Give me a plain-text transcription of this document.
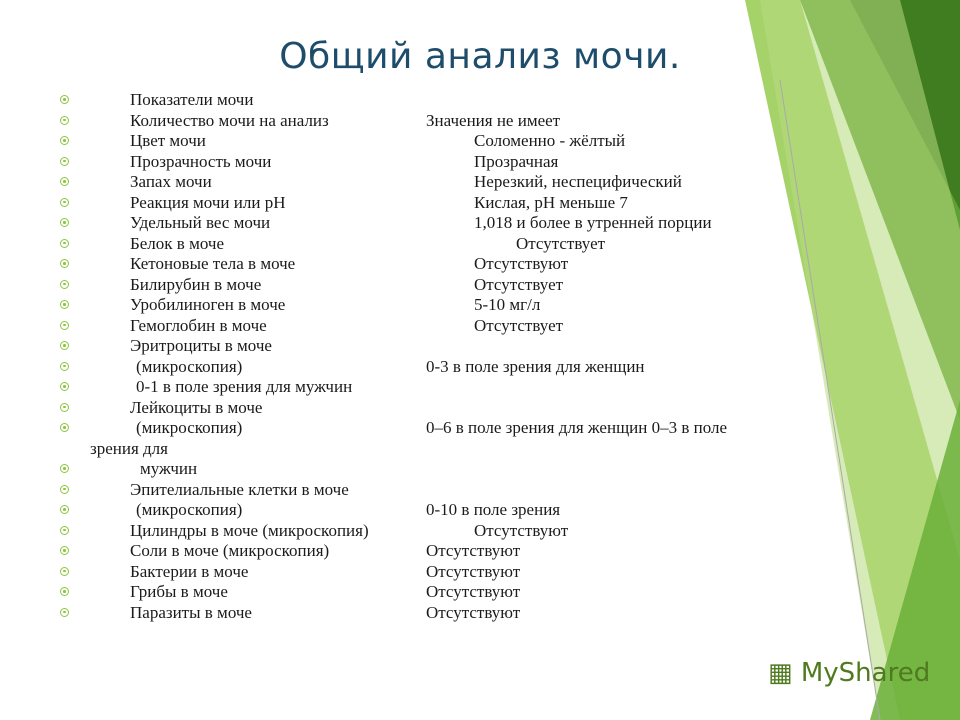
Общий анализ мочи.
Показатели мочи
Количество мочи на анализ	Значения не имеет
Цвет мочи	Соломенно - жёлтый
Прозрачность мочи	Прозрачная
Запах мочи	Нерезкий, неспецифический
Реакция мочи или рН	Кислая, рН меньше 7
Удельный вес мочи	1,018 и более в утренней порции
Белок в моче	Отсутствует
Кетоновые тела в моче	Отсутствуют
Билирубин в моче	Отсутствует
Уробилиноген в моче	5-10 мг/л
Гемоглобин в моче	Отсутствует
Эритроциты в моче
(микроскопия)	0-3 в поле зрения для женщин
0-1 в поле зрения для мужчин
Лейкоциты в моче
(микроскопия)	0–6 в поле зрения для женщин 0–3 в поле
зрения для
мужчин
Эпителиальные клетки в моче
(микроскопия)	0-10 в поле зрения
Цилиндры в моче (микроскопия)	Отсутствуют
Соли в моче (микроскопия)	Отсутствуют
Бактерии в моче	Отсутствуют
Грибы в моче	Отсутствуют
Паразиты в моче	Отсутствуют
▦ MyShared
